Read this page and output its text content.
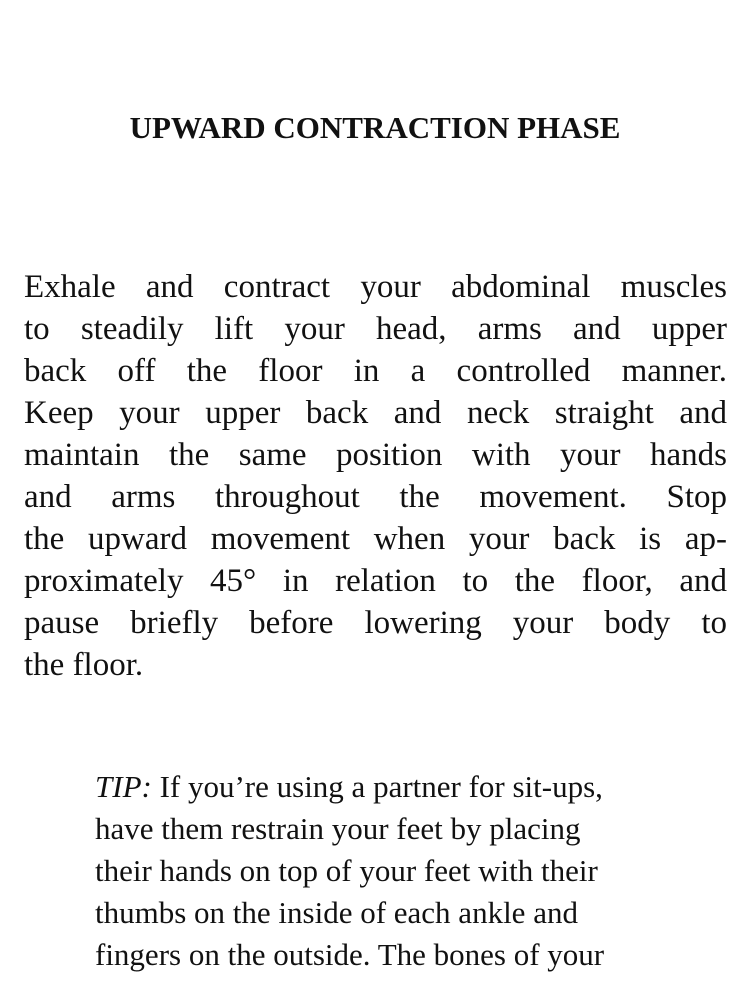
UPWARD CONTRACTION PHASE
Exhale and contract your abdominal muscles
to steadily lift your head, arms and upper
back off the floor in a controlled manner.
Keep your upper back and neck straight and
maintain the same position with your hands
and arms throughout the movement. Stop
the upward movement when your back is ap-
proximately 45° in relation to the floor, and
pause briefly before lowering your body to
the floor.
TIP: If you’re using a partner for sit-ups,
have them restrain your feet by placing
their hands on top of your feet with their
thumbs on the inside of each ankle and
fingers on the outside. The bones of your
